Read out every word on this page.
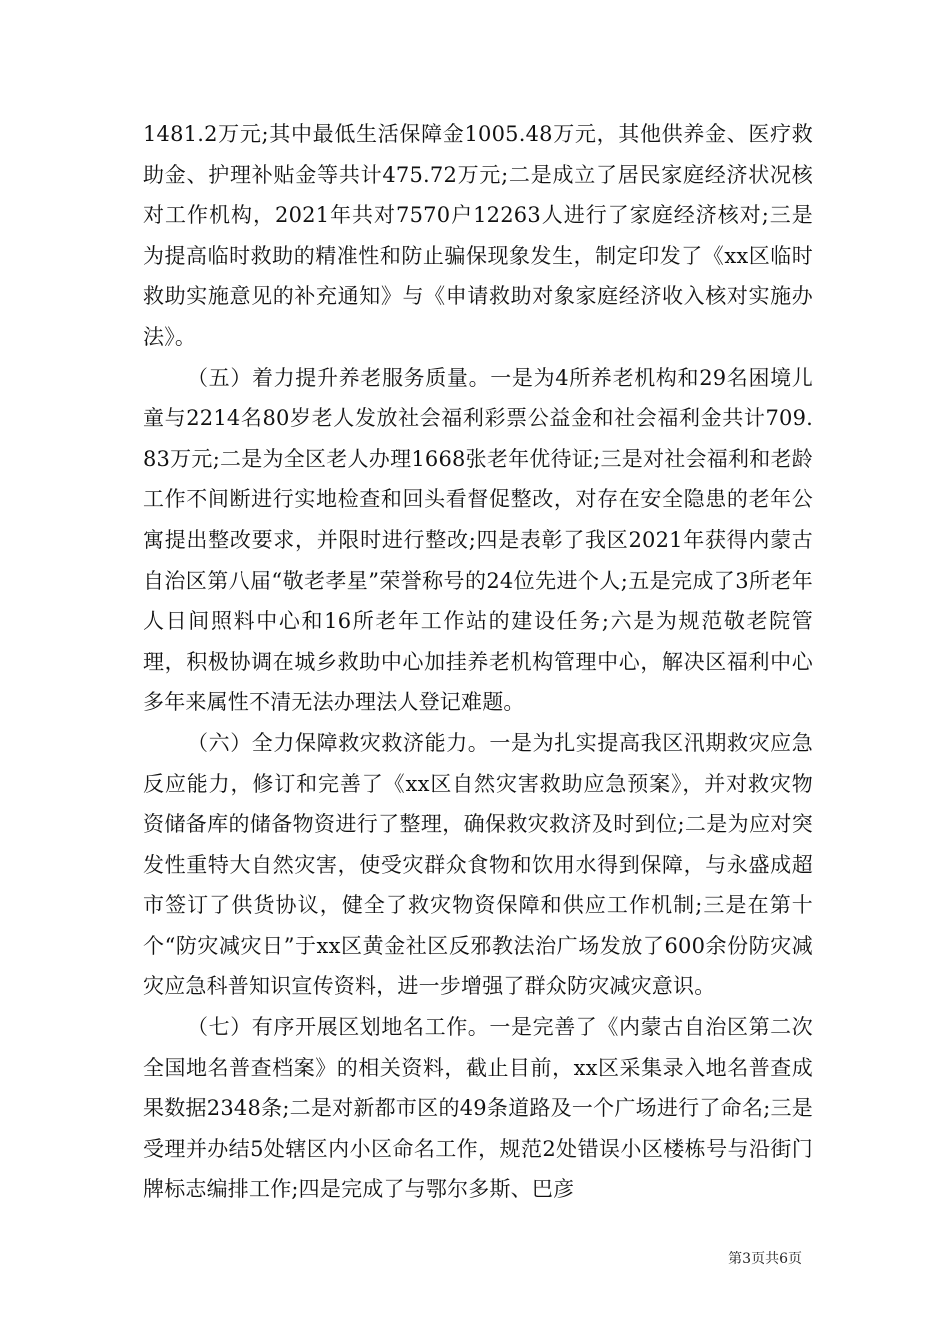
1481.2万元;其中最低生活保障金1005.48万元，其他供养金、医疗救助金、护理补贴金等共计475.72万元;二是成立了居民家庭经济状况核对工作机构，2021年共对7570户12263人进行了家庭经济核对;三是为提高临时救助的精准性和防止骗保现象发生，制定印发了《xx区临时救助实施意见的补充通知》与《申请救助对象家庭经济收入核对实施办法》。

（五）着力提升养老服务质量。一是为4所养老机构和29名困境儿童与2214名80岁老人发放社会福利彩票公益金和社会福利金共计709.83万元;二是为全区老人办理1668张老年优待证;三是对社会福利和老龄工作不间断进行实地检查和回头看督促整改，对存在安全隐患的老年公寓提出整改要求，并限时进行整改;四是表彰了我区2021年获得内蒙古自治区第八届“敬老孝星”荣誉称号的24位先进个人;五是完成了3所老年人日间照料中心和16所老年工作站的建设任务;六是为规范敬老院管理，积极协调在城乡救助中心加挂养老机构管理中心，解决区福利中心多年来属性不清无法办理法人登记难题。

（六）全力保障救灾救济能力。一是为扎实提高我区汛期救灾应急反应能力，修订和完善了《xx区自然灾害救助应急预案》，并对救灾物资储备库的储备物资进行了整理，确保救灾救济及时到位;二是为应对突发性重特大自然灾害，使受灾群众食物和饮用水得到保障，与永盛成超市签订了供货协议，健全了救灾物资保障和供应工作机制;三是在第十个“防灾减灾日”于xx区黄金社区反邪教法治广场发放了600余份防灾减灾应急科普知识宣传资料，进一步增强了群众防灾减灾意识。

（七）有序开展区划地名工作。一是完善了《内蒙古自治区第二次全国地名普查档案》的相关资料，截止目前，xx区采集录入地名普查成果数据2348条;二是对新都市区的49条道路及一个广场进行了命名;三是受理并办结5处辖区内小区命名工作，规范2处错误小区楼栋号与沿街门牌标志编排工作;四是完成了与鄂尔多斯、巴彦

第3页共6页
